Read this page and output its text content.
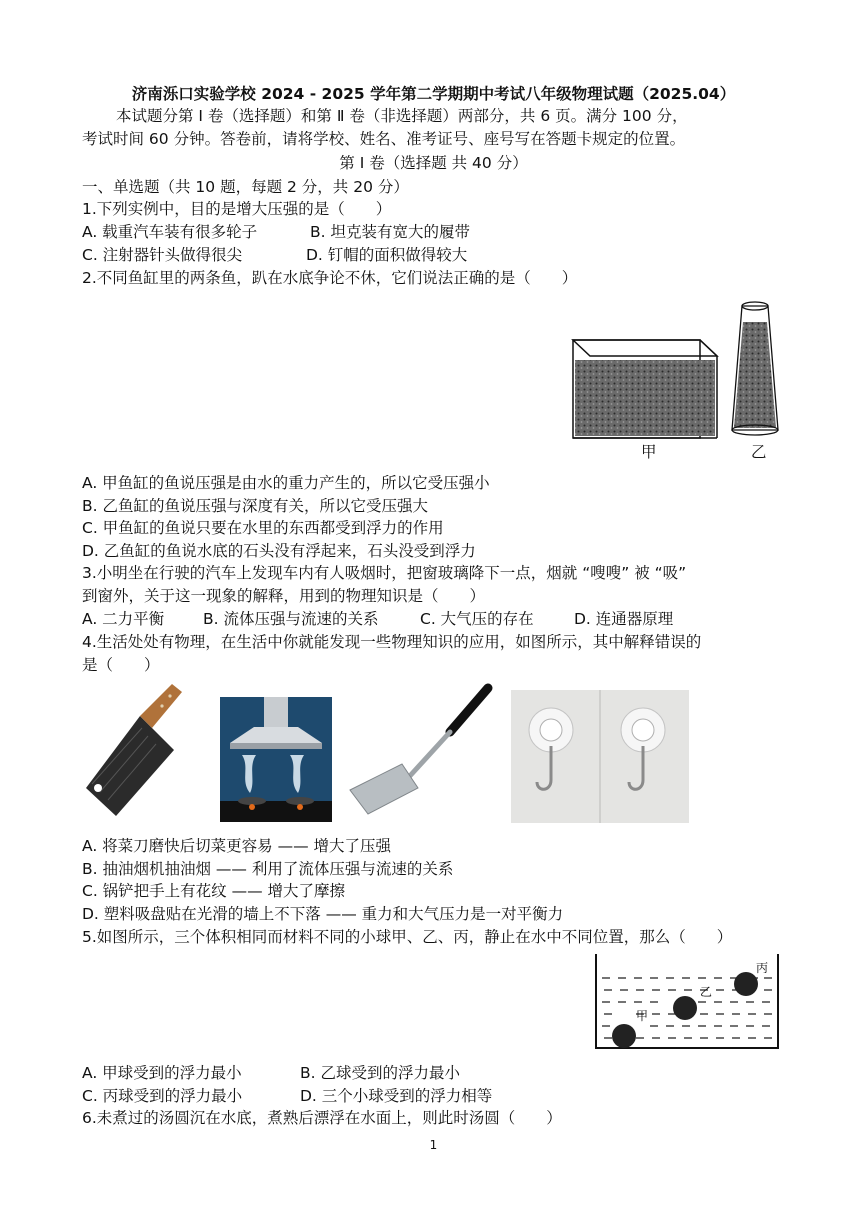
济南泺口实验学校 2024 - 2025 学年第二学期期中考试八年级物理试题（2025.04）
本试题分第 Ⅰ 卷（选择题）和第 Ⅱ 卷（非选择题）两部分，共 6 页。满分 100 分，
考试时间 60 分钟。答卷前，请将学校、姓名、准考证号、座号写在答题卡规定的位置。
第 Ⅰ 卷（选择题 共 40 分）
一、单选题（共 10 题，每题 2 分，共 20 分）
1.下列实例中，目的是增大压强的是（　　）
A. 载重汽车装有很多轮子	B. 坦克装有宽大的履带
C. 注射器针头做得很尖	D. 钉帽的面积做得较大
2.不同鱼缸里的两条鱼，趴在水底争论不休，它们说法正确的是（　　）
甲	乙
A. 甲鱼缸的鱼说压强是由水的重力产生的，所以它受压强小
B. 乙鱼缸的鱼说压强与深度有关，所以它受压强大
C. 甲鱼缸的鱼说只要在水里的东西都受到浮力的作用
D. 乙鱼缸的鱼说水底的石头没有浮起来，石头没受到浮力
3.小明坐在行驶的汽车上发现车内有人吸烟时，把窗玻璃降下一点，烟就 “嗖嗖” 被 “吸”
到窗外，关于这一现象的解释，用到的物理知识是（　　）
A. 二力平衡	B. 流体压强与流速的关系	C. 大气压的存在	D. 连通器原理
4.生活处处有物理，在生活中你就能发现一些物理知识的应用，如图所示，其中解释错误的
是（　　）
A. 将菜刀磨快后切菜更容易 —— 增大了压强
B. 抽油烟机抽油烟 —— 利用了流体压强与流速的关系
C. 锅铲把手上有花纹 —— 增大了摩擦
D. 塑料吸盘贴在光滑的墙上不下落 —— 重力和大气压力是一对平衡力
5.如图所示，三个体积相同而材料不同的小球甲、乙、丙，静止在水中不同位置，那么（　　）
甲
乙
丙
A. 甲球受到的浮力最小	B. 乙球受到的浮力最小
C. 丙球受到的浮力最小	D. 三个小球受到的浮力相等
6.未煮过的汤圆沉在水底，煮熟后漂浮在水面上，则此时汤圆（　　）
1
